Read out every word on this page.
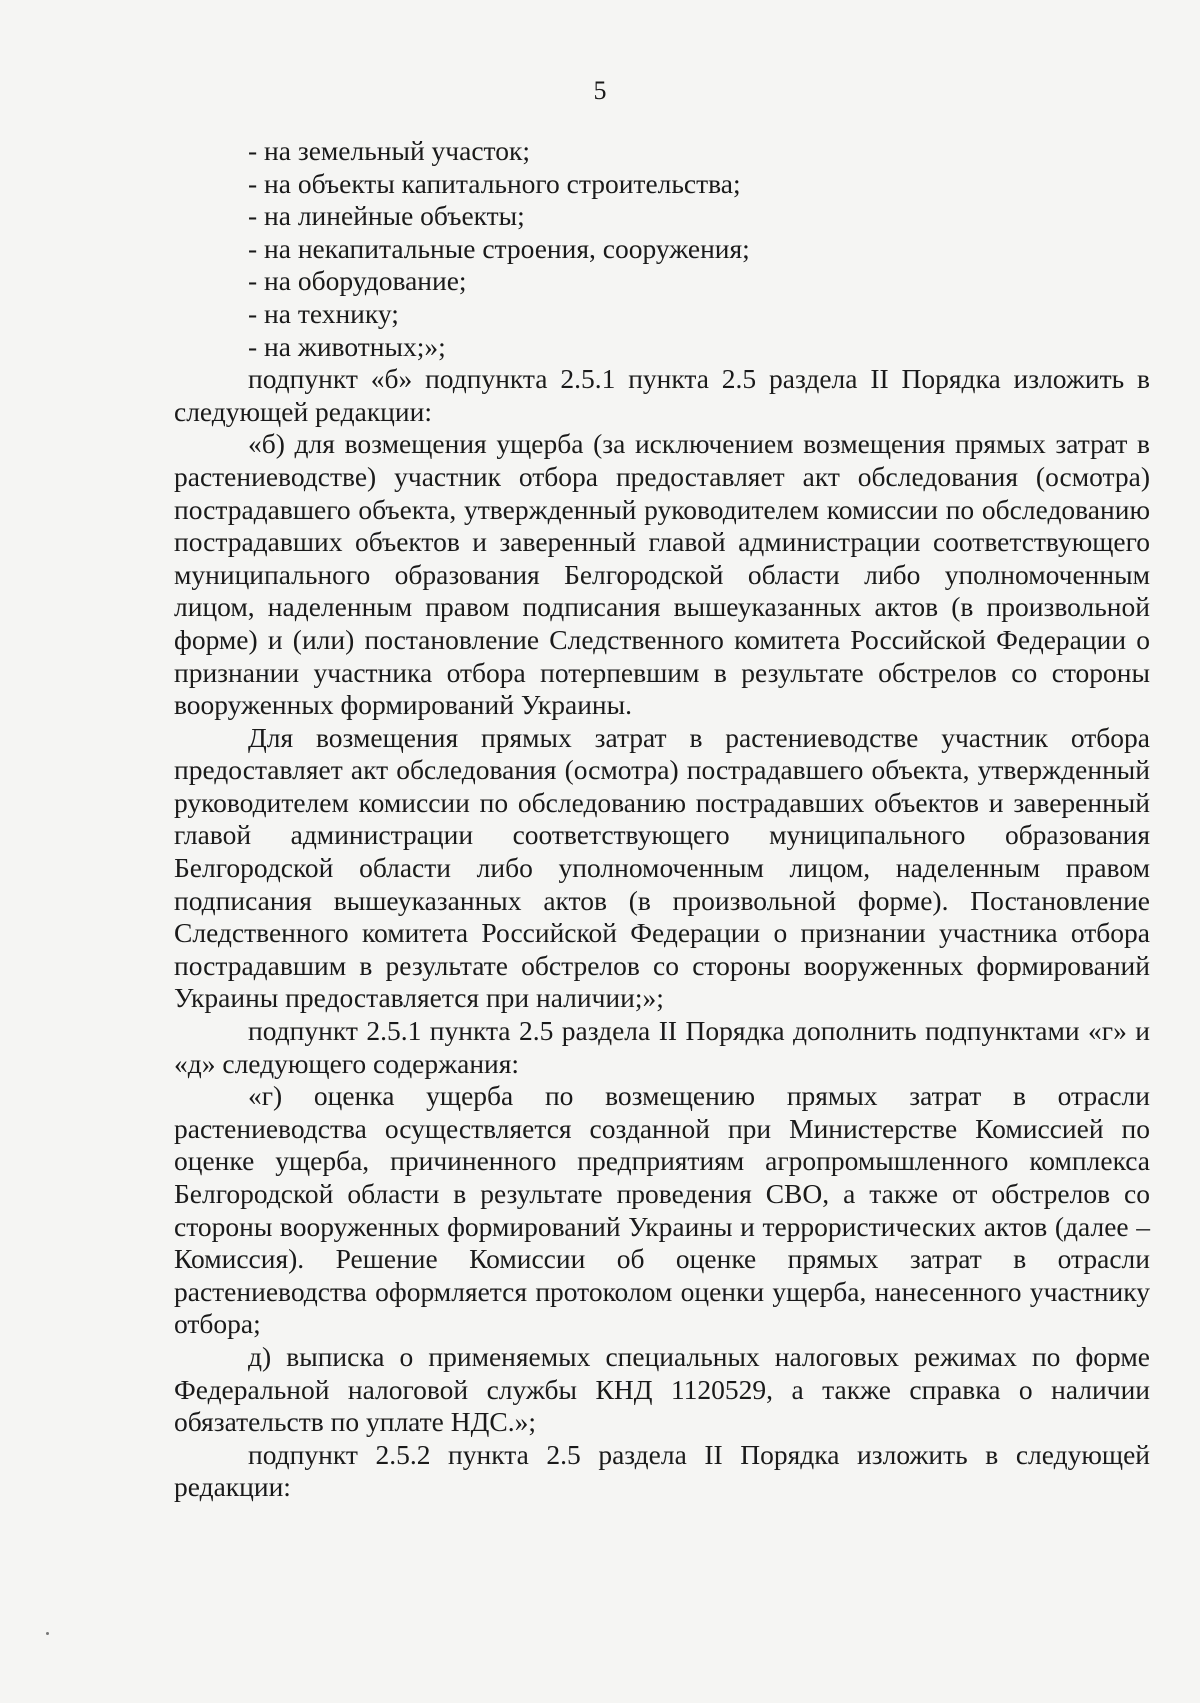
5

- на земельный участок;

- на объекты капитального строительства;

- на линейные объекты;

- на некапитальные строения, сооружения;

- на оборудование;

- на технику;

- на животных;»;

подпункт «б» подпункта 2.5.1 пункта 2.5 раздела II Порядка изложить в следующей редакции:

«б) для возмещения ущерба (за исключением возмещения прямых затрат в растениеводстве) участник отбора предоставляет акт обследования (осмотра) пострадавшего объекта, утвержденный руководителем комиссии по обследованию пострадавших объектов и заверенный главой администрации соответствующего муниципального образования Белгородской области либо уполномоченным лицом, наделенным правом подписания вышеуказанных актов (в произвольной форме) и (или) постановление Следственного комитета Российской Федерации о признании участника отбора потерпевшим в результате обстрелов со стороны вооруженных формирований Украины.

Для возмещения прямых затрат в растениеводстве участник отбора предоставляет акт обследования (осмотра) пострадавшего объекта, утвержденный руководителем комиссии по обследованию пострадавших объектов и заверенный главой администрации соответствующего муниципального образования Белгородской области либо уполномоченным лицом, наделенным правом подписания вышеуказанных актов (в произвольной форме). Постановление Следственного комитета Российской Федерации о признании участника отбора пострадавшим в результате обстрелов со стороны вооруженных формирований Украины предоставляется при наличии;»;

подпункт 2.5.1 пункта 2.5 раздела II Порядка дополнить подпунктами «г» и «д» следующего содержания:

«г) оценка ущерба по возмещению прямых затрат в отрасли растениеводства осуществляется созданной при Министерстве Комиссией по оценке ущерба, причиненного предприятиям агропромышленного комплекса Белгородской области в результате проведения СВО, а также от обстрелов со стороны вооруженных формирований Украины и террористических актов (далее – Комиссия). Решение Комиссии об оценке прямых затрат в отрасли растениеводства оформляется протоколом оценки ущерба, нанесенного участнику отбора;

д) выписка о применяемых специальных налоговых режимах по форме Федеральной налоговой службы КНД 1120529, а также справка о наличии обязательств по уплате НДС.»;

подпункт 2.5.2 пункта 2.5 раздела II Порядка изложить в следующей редакции:
